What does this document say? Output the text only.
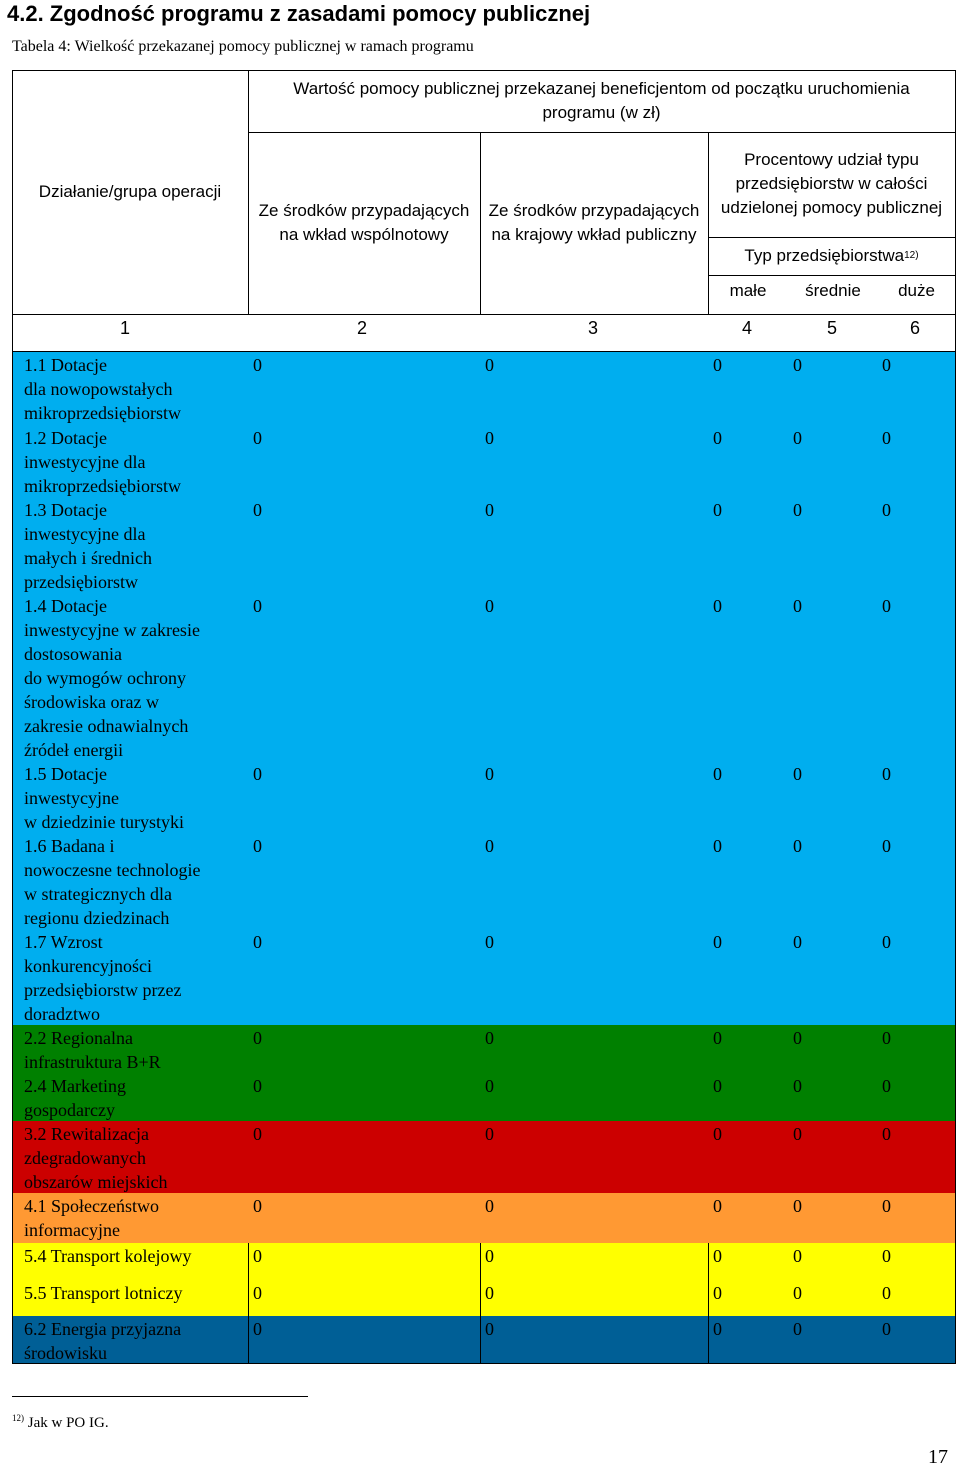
4.2. Zgodność programu z zasadami pomocy publicznej
Tabela 4: Wielkość przekazanej pomocy publicznej w ramach programu
Działanie/grupa operacji
Wartość pomocy publicznej przekazanej beneficjentom od początku uruchomienia programu (w zł)
Ze środków przypadających na wkład wspólnotowy
Ze środków przypadających na krajowy wkład publiczny
Procentowy udział typu przedsiębiorstw w całości udzielonej pomocy publicznej
Typ przedsiębiorstwa 12)
małe średnie duże
1	2	3	4	5	6
1.1 Dotacje
dla nowopowstałych
mikroprzedsiębiorstw
0	0	0	0	0
1.2 Dotacje
inwestycyjne dla
mikroprzedsiębiorstw
0	0	0	0	0
1.3 Dotacje
inwestycyjne dla
małych i średnich
przedsiębiorstw
0	0	0	0	0
1.4 Dotacje
inwestycyjne w zakresie
dostosowania
do wymogów ochrony
środowiska oraz w
zakresie odnawialnych
źródeł energii
0	0	0	0	0
1.5 Dotacje
inwestycyjne
w dziedzinie turystyki
0	0	0	0	0
1.6 Badana i
nowoczesne technologie
w strategicznych dla
regionu dziedzinach
0	0	0	0	0
1.7 Wzrost
konkurencyjności
przedsiębiorstw przez
doradztwo
0	0	0	0	0
2.2 Regionalna
infrastruktura B+R
0	0	0	0	0
2.4 Marketing
gospodarczy
0	0	0	0	0
3.2 Rewitalizacja
zdegradowanych
obszarów miejskich
0	0	0	0	0
4.1 Społeczeństwo
informacyjne
0	0	0	0	0
5.4 Transport kolejowy	0	0	0	0	0
5.5 Transport lotniczy	0	0	0	0	0
6.2 Energia przyjazna
środowisku
0	0	0	0	0
$^{12)}$ Jak w PO IG.
17
